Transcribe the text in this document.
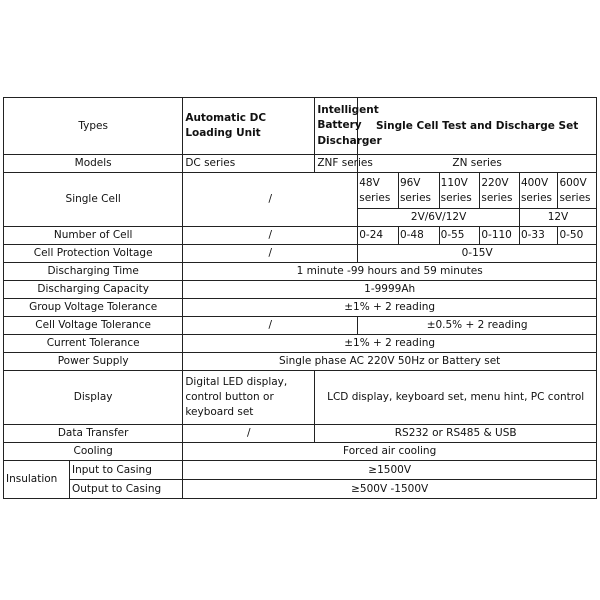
Types		Automatic DC Loading Unit	Intelligent Battery Discharger	Single Cell Test and Discharge Set					
Models		DC series	ZNF series	ZN series					
Single Cell		/		48V series	96V series	110V series	220V series	400V series	600V series
				2V/6V/12V				12V	
Number of Cell		/		0-24	0-48	0-55	0-110	0-33	0-50
Cell Protection Voltage		/		0-15V					
Discharging Time		1 minute -99 hours and 59 minutes							
Discharging Capacity		1-9999Ah							
Group Voltage Tolerance		±1% + 2 reading							
Cell Voltage Tolerance		/		±0.5% + 2 reading					
Current Tolerance		±1% + 2 reading							
Power Supply		Single phase AC 220V 50Hz or Battery set							
Display		Digital LED display, control button or keyboard set	LCD display, keyboard set, menu hint, PC control						
Data Transfer		/	RS232 or RS485 & USB						
Cooling		Forced air cooling							
Insulation	Input to Casing	≥1500V							
	Output to Casing	≥500V -1500V							
